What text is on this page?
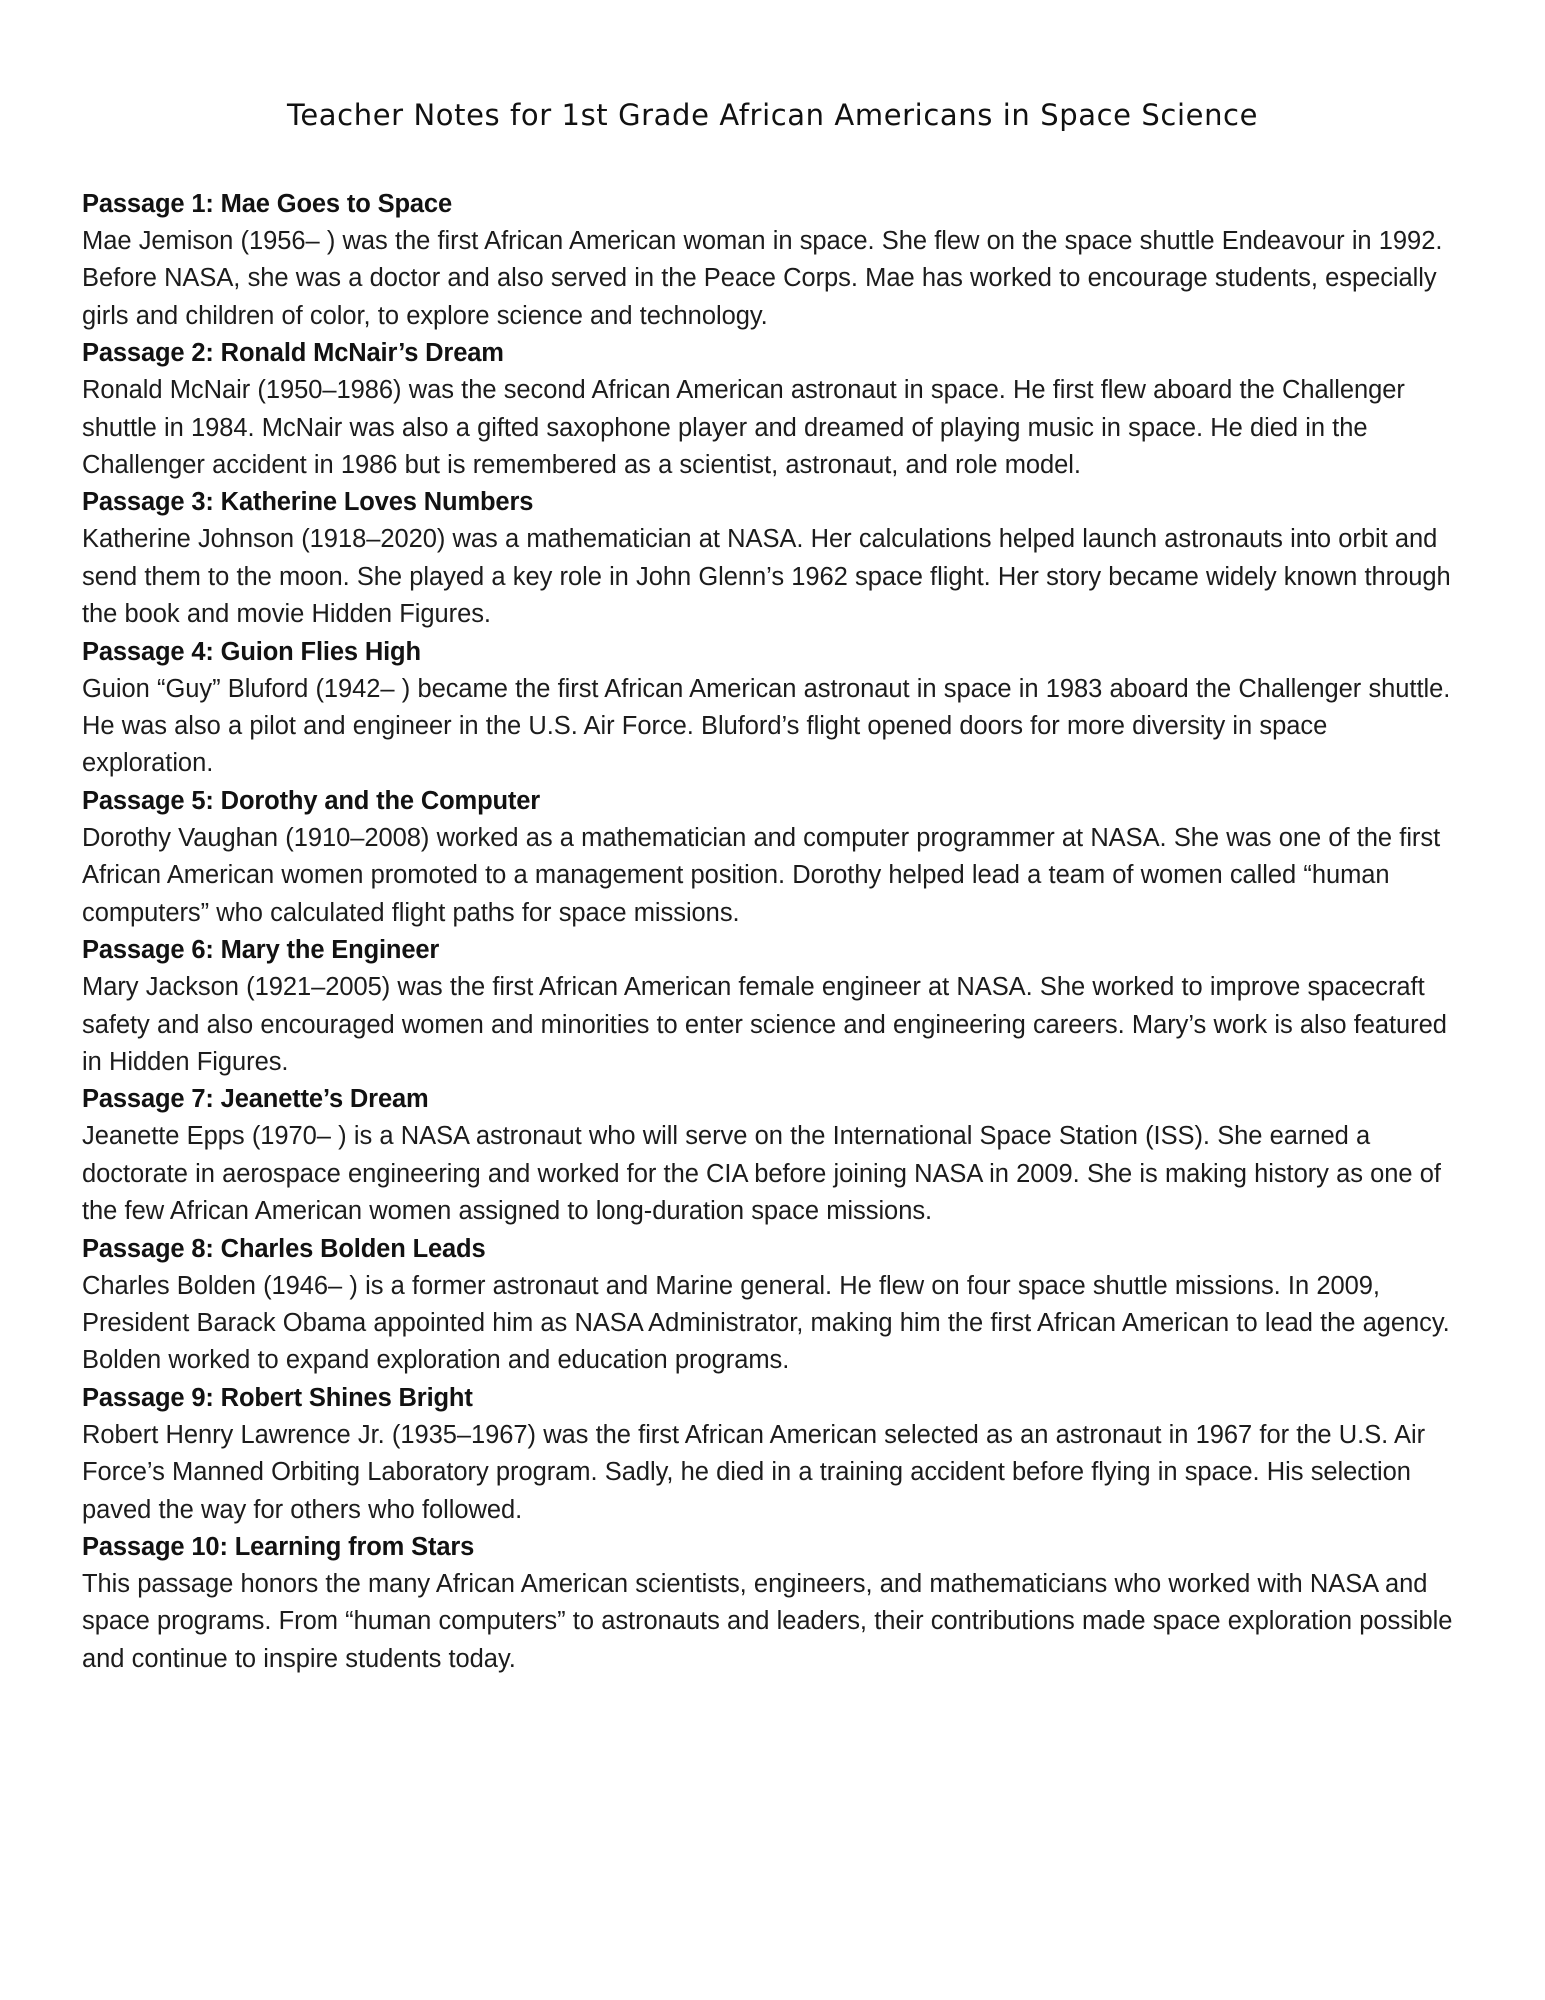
Teacher Notes for 1st Grade African Americans in Space Science
Passage 1: Mae Goes to Space

Mae Jemison (1956– ) was the first African American woman in space. She flew on the space shuttle Endeavour in 1992. Before NASA, she was a doctor and also served in the Peace Corps. Mae has worked to encourage students, especially girls and children of color, to explore science and technology.

Passage 2: Ronald McNair’s Dream

Ronald McNair (1950–1986) was the second African American astronaut in space. He first flew aboard the Challenger shuttle in 1984. McNair was also a gifted saxophone player and dreamed of playing music in space. He died in the Challenger accident in 1986 but is remembered as a scientist, astronaut, and role model.

Passage 3: Katherine Loves Numbers

Katherine Johnson (1918–2020) was a mathematician at NASA. Her calculations helped launch astronauts into orbit and send them to the moon. She played a key role in John Glenn’s 1962 space flight. Her story became widely known through the book and movie Hidden Figures.

Passage 4: Guion Flies High

Guion “Guy” Bluford (1942– ) became the first African American astronaut in space in 1983 aboard the Challenger shuttle. He was also a pilot and engineer in the U.S. Air Force. Bluford’s flight opened doors for more diversity in space exploration.

Passage 5: Dorothy and the Computer

Dorothy Vaughan (1910–2008) worked as a mathematician and computer programmer at NASA. She was one of the first African American women promoted to a management position. Dorothy helped lead a team of women called “human computers” who calculated flight paths for space missions.

Passage 6: Mary the Engineer

Mary Jackson (1921–2005) was the first African American female engineer at NASA. She worked to improve spacecraft safety and also encouraged women and minorities to enter science and engineering careers. Mary’s work is also featured in Hidden Figures.

Passage 7: Jeanette’s Dream

Jeanette Epps (1970– ) is a NASA astronaut who will serve on the International Space Station (ISS). She earned a doctorate in aerospace engineering and worked for the CIA before joining NASA in 2009. She is making history as one of the few African American women assigned to long-duration space missions.

Passage 8: Charles Bolden Leads

Charles Bolden (1946– ) is a former astronaut and Marine general. He flew on four space shuttle missions. In 2009, President Barack Obama appointed him as NASA Administrator, making him the first African American to lead the agency. Bolden worked to expand exploration and education programs.

Passage 9: Robert Shines Bright

Robert Henry Lawrence Jr. (1935–1967) was the first African American selected as an astronaut in 1967 for the U.S. Air Force’s Manned Orbiting Laboratory program. Sadly, he died in a training accident before flying in space. His selection paved the way for others who followed.

Passage 10: Learning from Stars

This passage honors the many African American scientists, engineers, and mathematicians who worked with NASA and space programs. From “human computers” to astronauts and leaders, their contributions made space exploration possible and continue to inspire students today.
